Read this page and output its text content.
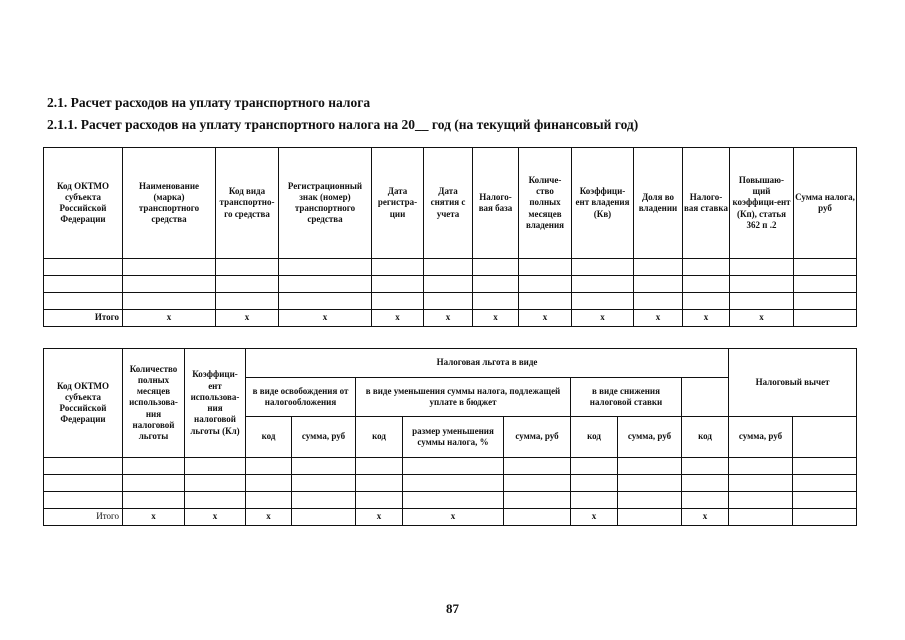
2.1. Расчет расходов на уплату транспортного налога
2.1.1. Расчет расходов на уплату транспортного налога на 20__ год (на текущий финансовый год)
Код ОКТМО субъекта Российской Федерации	Наименование (марка) транспортного средства	Код вида транспортно-го средства	Регистрационный знак (номер) транспортного средства	Дата регистра-ции	Дата снятия с учета	Налого-вая база	Количе-ство полных месяцев владения	Коэффици-ент владения (Кв)	Доля во владении	Налого-вая ставка	Повышаю-щий коэффици-ент (Кп), статья 362 п .2	Сумма налога, руб

Итого	x	x	x	x	x	x	x	x	x	x	x	
Код ОКТМО субъекта Российской Федерации	Количество полных месяцев использова-ния налоговой льготы	Коэффици-ент использова-ния налоговой льготы (Кл)	Налоговая льгота в виде								Налоговый вычет	
			в виде освобождения от налогообложения		в виде уменьшения суммы налога, подлежащей уплате в бюджет			в виде снижения налоговой ставки					
			код	сумма, руб	код	размер уменьшения суммы налога, %	сумма, руб	код	сумма, руб	код	сумма, руб		

Итого	x	x	x		x	x		x		x			
87
